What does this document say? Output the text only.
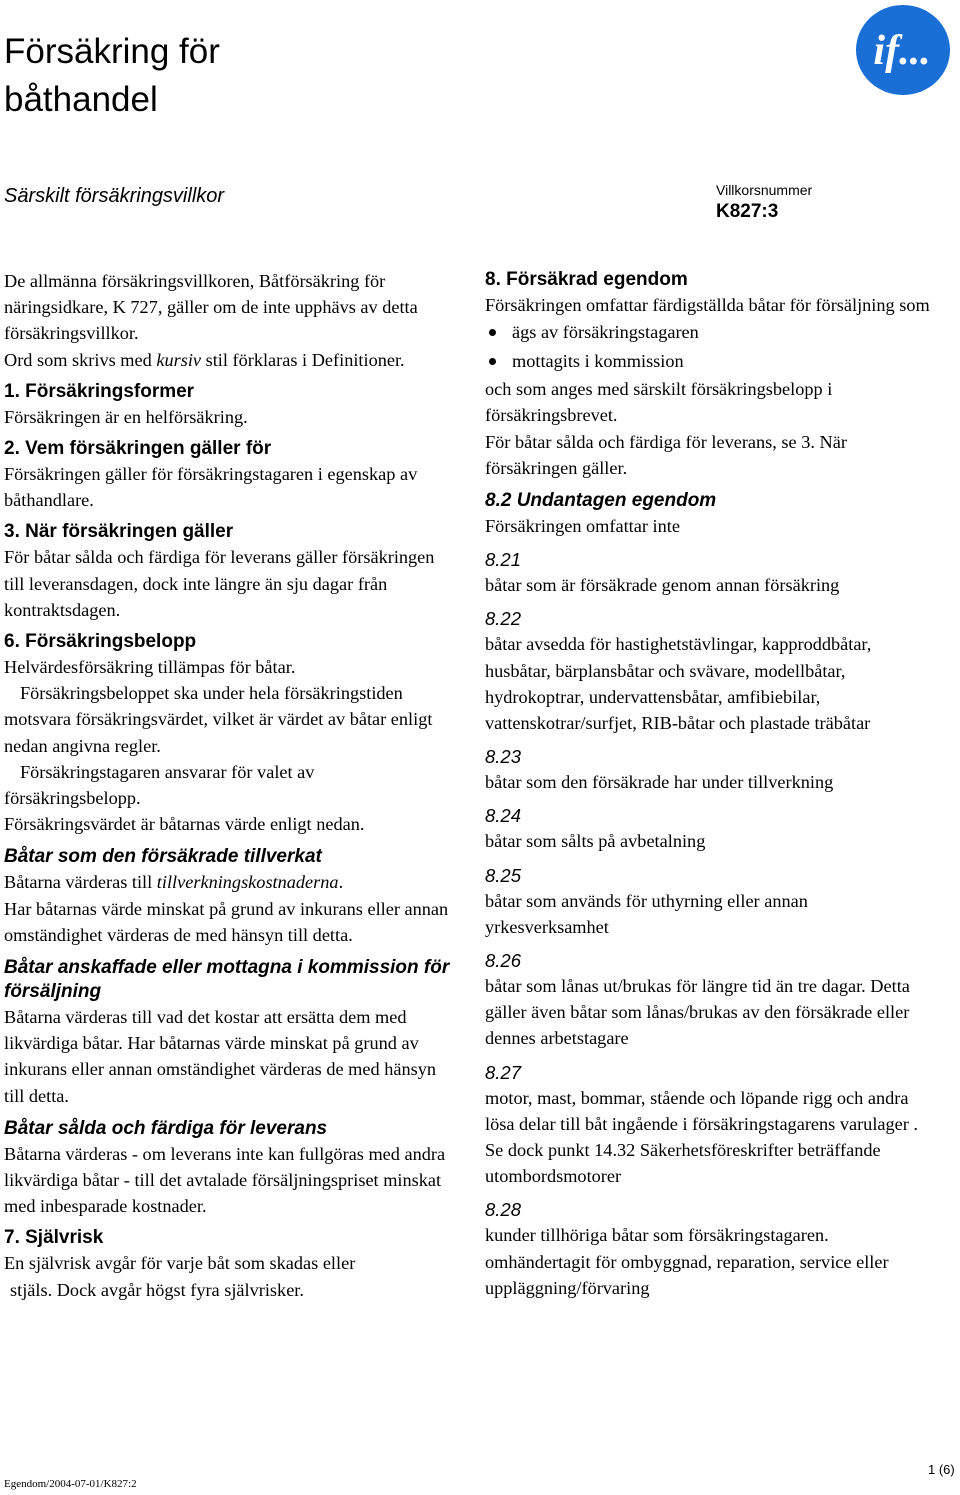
Försäkring för
båthandel
if...
Särskilt försäkringsvillkor	Villkorsnummer
K827:3

De allmänna försäkringsvillkoren, Båtförsäkring för näringsidkare, K 727, gäller om de inte upphävs av detta försäkringsvillkor.

Ord som skrivs med kursiv stil förklaras i Definitioner.

1. Försäkringsformer

Försäkringen är en helförsäkring.

2. Vem försäkringen gäller för

Försäkringen gäller för försäkringstagaren i egenskap av båthandlare.

3. När försäkringen gäller

För båtar sålda och färdiga för leverans gäller försäkringen till leveransdagen, dock inte längre än sju dagar från kontraktsdagen.

6. Försäkringsbelopp

Helvärdesförsäkring tillämpas för båtar.

Försäkringsbeloppet ska under hela försäkringstiden motsvara försäkringsvärdet, vilket är värdet av båtar enligt nedan angivna regler.

Försäkringstagaren ansvarar för valet av försäkringsbelopp.

Försäkringsvärdet är båtarnas värde enligt nedan.

Båtar som den försäkrade tillverkat

Båtarna värderas till tillverkningskostnaderna.

Har båtarnas värde minskat på grund av inkurans eller annan omständighet värderas de med hänsyn till detta.

Båtar anskaffade eller mottagna i kommission för försäljning

Båtarna värderas till vad det kostar att ersätta dem med likvärdiga båtar. Har båtarnas värde minskat på grund av inkurans eller annan omständighet värderas de med hänsyn till detta.

Båtar sålda och färdiga för leverans

Båtarna värderas - om leverans inte kan fullgöras med andra likvärdiga båtar - till det avtalade försäljningspriset minskat med inbesparade kostnader.

7. Självrisk

En självrisk avgår för varje båt som skadas eller

stjäls. Dock avgår högst fyra självrisker.

8. Försäkrad egendom

Försäkringen omfattar färdigställda båtar för försäljning som

ägs av försäkringstagaren
mottagits i kommission

och som anges med särskilt försäkringsbelopp i försäkringsbrevet.

För båtar sålda och färdiga för leverans, se 3. När försäkringen gäller.

8.2 Undantagen egendom

Försäkringen omfattar inte

8.21

båtar som är försäkrade genom annan försäkring

8.22

båtar avsedda för hastighetstävlingar, kapproddbåtar, husbåtar, bärplansbåtar och svävare, modellbåtar, hydrokoptrar, undervattensbåtar, amfibiebilar, vattenskotrar/surfjet, RIB-båtar och plastade träbåtar

8.23

båtar som den försäkrade har under tillverkning

8.24

båtar som sålts på avbetalning

8.25

båtar som används för uthyrning eller annan yrkesverksamhet

8.26

båtar som lånas ut/brukas för längre tid än tre dagar. Detta gäller även båtar som lånas/brukas av den försäkrade eller dennes arbetstagare

8.27

motor, mast, bommar, stående och löpande rigg och andra lösa delar till båt ingående i försäkringstagarens varulager . Se dock punkt 14.32 Säkerhetsföreskrifter beträffande utombordsmotorer

8.28

kunder tillhöriga båtar som försäkringstagaren. omhändertagit för ombyggnad, reparation, service eller uppläggning/förvaring

Egendom/2004-07-01/K827:2
1 (6)
